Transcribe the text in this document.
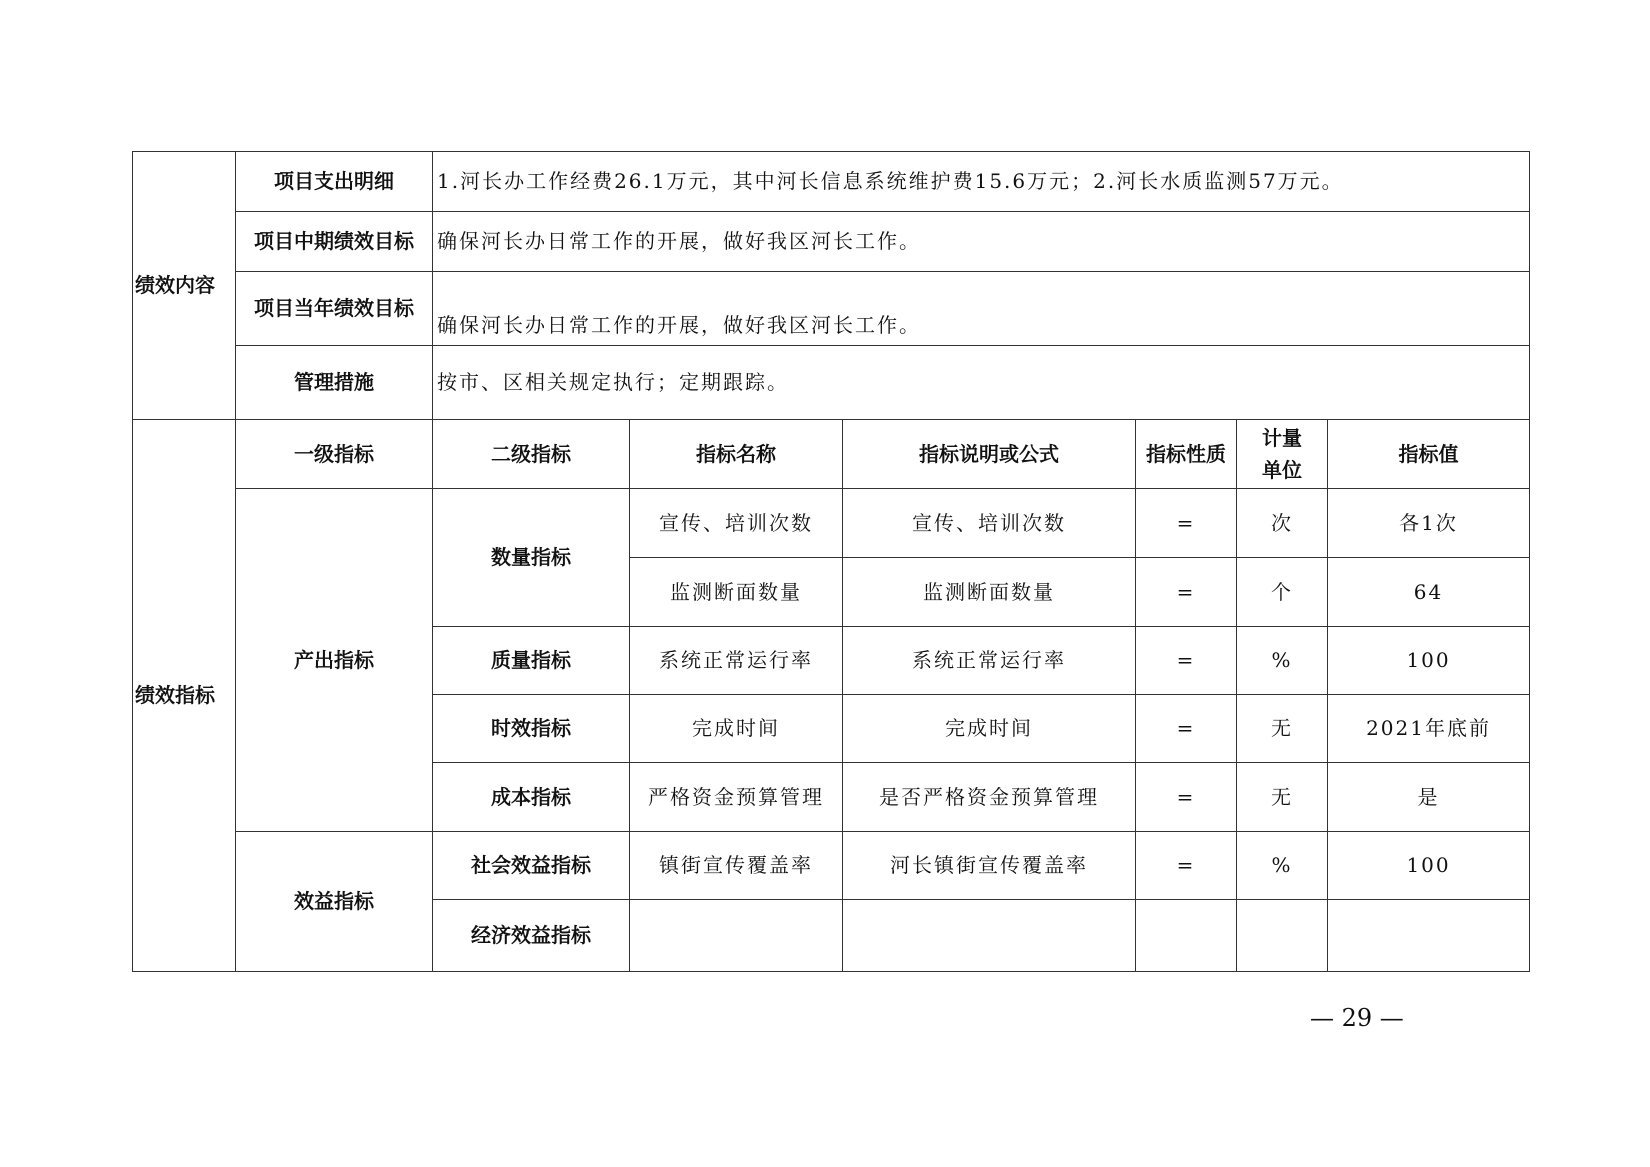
绩效内容	项目支出明细	1.河长办工作经费26.1万元，其中河长信息系统维护费15.6万元；2.河长水质监测57万元。					
	项目中期绩效目标	确保河长办日常工作的开展，做好我区河长工作。					
	项目当年绩效目标	确保河长办日常工作的开展，做好我区河长工作。					
	管理措施	按市、区相关规定执行；定期跟踪。					
绩效指标	一级指标	二级指标	指标名称	指标说明或公式	指标性质	计量单位	指标值
	产出指标	数量指标	宣传、培训次数	宣传、培训次数	=	次	各1次
			监测断面数量	监测断面数量	=	个	64
		质量指标	系统正常运行率	系统正常运行率	=	%	100
		时效指标	完成时间	完成时间	=	无	2021年底前
		成本指标	严格资金预算管理	是否严格资金预算管理	=	无	是
	效益指标	社会效益指标	镇街宣传覆盖率	河长镇街宣传覆盖率	=	%	100
		经济效益指标					
— 29 —
